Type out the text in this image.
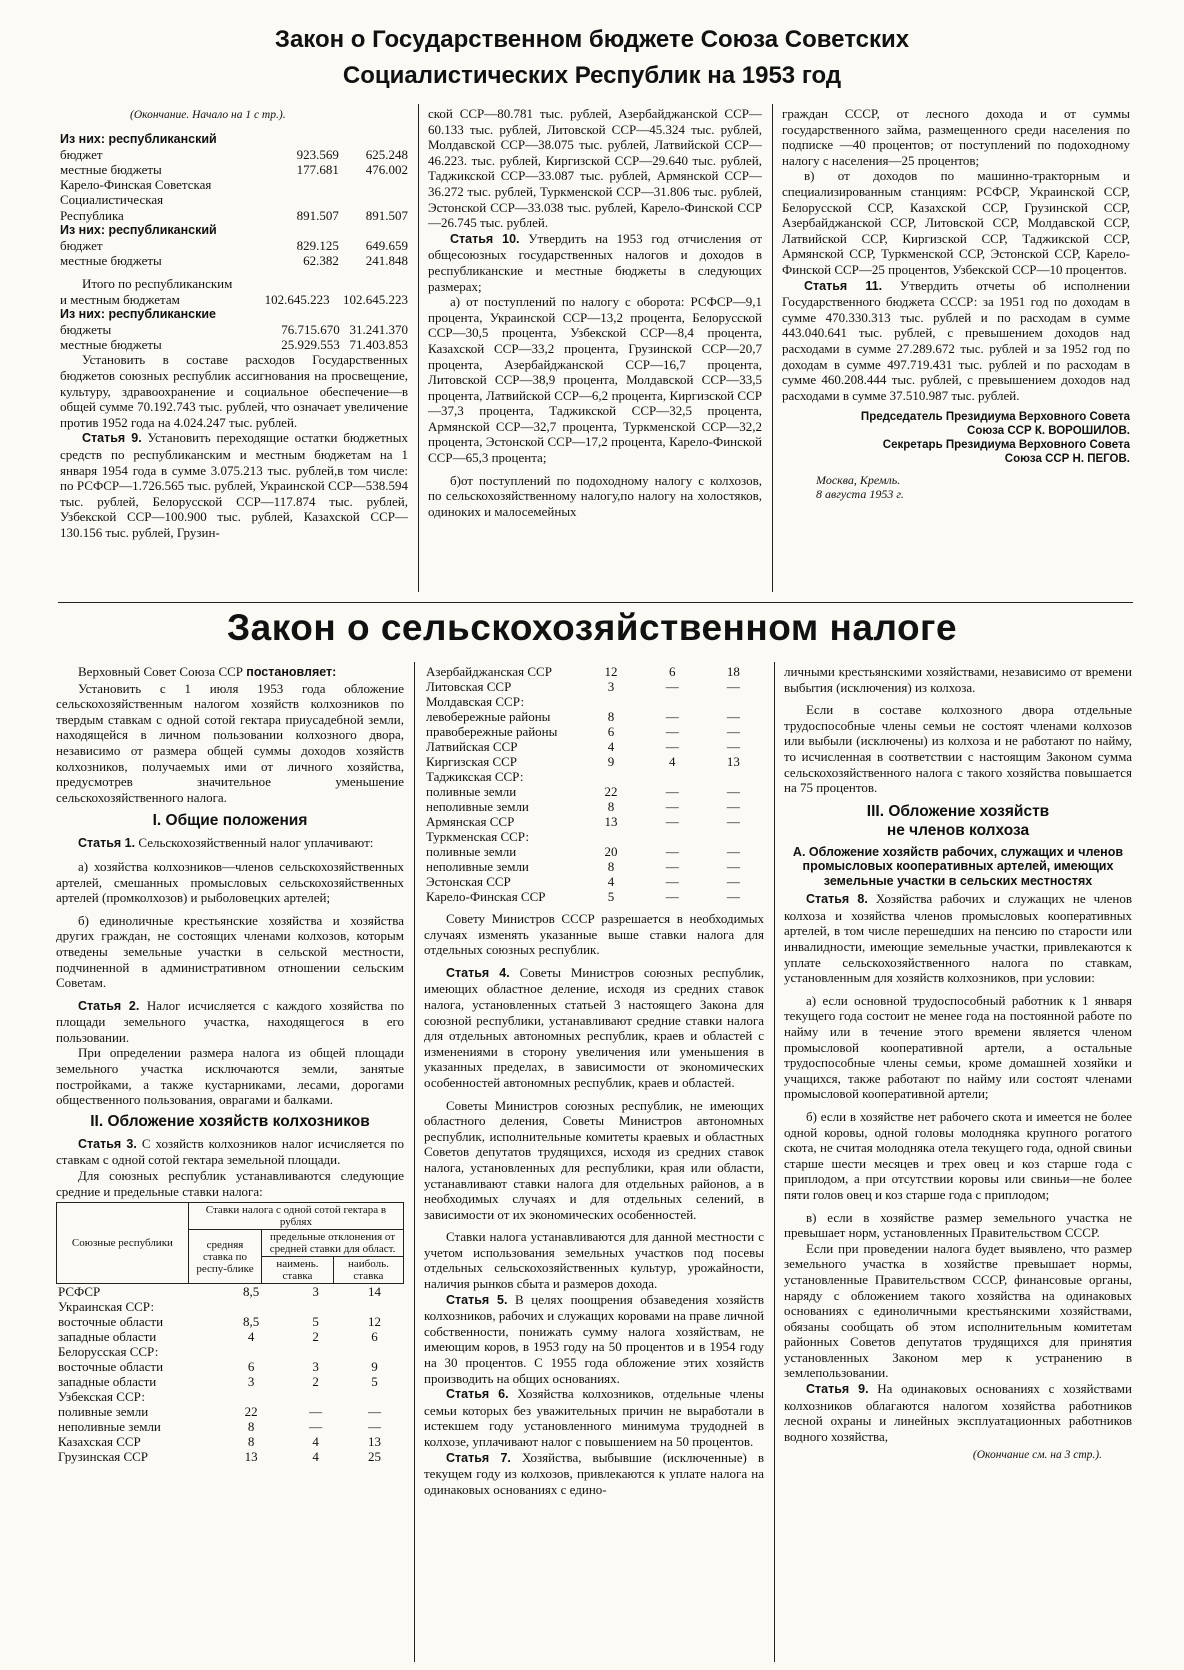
Закон о Государственном бюджете Союза Советских
Социалистических Республик на 1953 год
(Окончание. Начало на 1 с тр.).
Из них: республиканский		
бюджет	923.569	625.248
местные бюджеты	177.681	476.002
Карело-Финская Советская		
Социалистическая		
Республика	891.507	891.507
Из них: республиканский		
бюджет	829.125	649.659
местные бюджеты	62.382	241.848
Итого по республиканским		
и местным бюджетам	102.645.223	102.645.223
Из них: республиканские		
бюджеты	76.715.670	31.241.370
местные бюджеты	25.929.553	71.403.853

Установить в составе расходов Государственных бюджетов союзных республик ассигнования на просвещение, культуру, здравоохранение и социальное обеспечение—в общей сумме 70.192.743 тыс. рублей, что означает увеличение против 1952 года на 4.024.247 тыс. рублей.

Статья 9. Установить переходящие остатки бюджетных средств по республиканским и местным бюджетам на 1 января 1954 года в сумме 3.075.213 тыс. рублей,в том числе: по РСФСР—1.726.565 тыс. рублей, Украинской ССР—538.594 тыс. рублей, Белорусской ССР—117.874 тыс. рублей, Узбекской ССР—100.900 тыс. рублей, Казахской ССР—130.156 тыс. рублей, Грузин-

ской ССР—80.781 тыс. рублей, Азербайджанской ССР—60.133 тыс. рублей, Литовской ССР—45.324 тыс. рублей, Молдавской ССР—38.075 тыс. рублей, Латвийской ССР—46.223. тыс. рублей, Киргизской ССР—29.640 тыс. рублей, Таджикской ССР—33.087 тыс. рублей, Армянской ССР—36.272 тыс. рублей, Туркменской ССР—31.806 тыс. рублей, Эстонской ССР—33.038 тыс. рублей, Карело-Финской ССР—26.745 тыс. рублей.

Статья 10. Утвердить на 1953 год отчисления от общесоюзных государственных налогов и доходов в республиканские и местные бюджеты в следующих размерах;

а) от поступлений по налогу с оборота: РСФСР—9,1 процента, Украинской ССР—13,2 процента, Белорусской ССР—30,5 процента, Узбекской ССР—8,4 процента, Казахской ССР—33,2 процента, Грузинской ССР—20,7 процента, Азербайджанской ССР—16,7 процента, Литовской ССР—38,9 процента, Молдавской ССР—33,5 процента, Латвийской ССР—6,2 процента, Киргизской ССР—37,3 процента, Таджикской ССР—32,5 процента, Армянской ССР—32,7 процента, Туркменской ССР—32,2 процента, Эстонской ССР—17,2 процента, Карело-Финской ССР—65,3 процента;

б)от поступлений по подоходному налогу с колхозов, по сельскохозяйственному налогу,по налогу на холостяков, одиноких и малосемейных

граждан СССР, от лесного дохода и от суммы государственного займа, размещенного среди населения по подписке —40 процентов; от поступлений по подоходному налогу с населения—25 процентов;

в) от доходов по машинно-тракторным и специализированным станциям: РСФСР, Украинской ССР, Белорусской ССР, Казахской ССР, Грузинской ССР, Азербайджанской ССР, Литовской ССР, Молдавской ССР, Латвийской ССР, Киргизской ССР, Таджикской ССР, Армянской ССР, Туркменской ССР, Эстонской ССР, Карело-Финской ССР—25 процентов, Узбекской ССР—10 процентов.

Статья 11. Утвердить отчеты об исполнении Государственного бюджета СССР: за 1951 год по доходам в сумме 470.330.313 тыс. рублей и по расходам в сумме 443.040.641 тыс. рублей, с превышением доходов над расходами в сумме 27.289.672 тыс. рублей и за 1952 год по доходам в сумме 497.719.431 тыс. рублей и по расходам в сумме 460.208.444 тыс. рублей, с превышением доходов над расходами в сумме 37.510.987 тыс. рублей.

Председатель Президиума Верховного Совета
Союза ССР К. ВОРОШИЛОВ.
Секретарь Президиума Верховного Совета
Союза ССР Н. ПЕГОВ.
Москва, Кремль.
8 августа 1953 г.
Закон о сельскохозяйственном налоге

Верховный Совет Союза ССР постановляет:

Установить с 1 июля 1953 года обложение сельскохозяйственным налогом хозяйств колхозников по твердым ставкам с одной сотой гектара приусадебной земли, находящейся в личном пользовании колхозного двора, независимо от размера общей суммы доходов хозяйств колхозников, получаемых ими от личного хозяйства, предусмотрев значительное уменьшение сельскохозяйственного налога.

I. Общие положения

Статья 1. Сельскохозяйственный налог уплачивают:

а) хозяйства колхозников—членов сельскохозяйственных артелей, смешанных промысловых сельскохозяйственных артелей (промколхозов) и рыболовецких артелей;

б) единоличные крестьянские хозяйства и хозяйства других граждан, не состоящих членами колхозов, которым отведены земельные участки в сельской местности, подчиненной в административном отношении сельским Советам.

Статья 2. Налог исчисляется с каждого хозяйства по площади земельного участка, находящегося в его пользовании.

При определении размера налога из общей площади земельного участка исключаются земли, занятые постройками, а также кустарниками, лесами, дорогами общественного пользования, оврагами и балками.

II. Обложение хозяйств колхозников

Статья 3. С хозяйств колхозников налог исчисляется по ставкам с одной сотой гектара земельной площади.

Для союзных республик устанавливаются следующие средние и предельные ставки налога:

Союзные республики	Ставки налога с одной сотой гектара в рублях		
	средняя ставка по респу-блике	предельные отклонения от средней ставки для област.	
		наимень. ставка	наиболь. ставка
РСФСР	8,5	3	14
Украинская ССР:			
восточные области	8,5	5	12
западные области	4	2	6
Белорусская ССР:			
восточные области	6	3	9
западные области	3	2	5
Узбекская ССР:			
поливные земли	22	—	—
неполивные земли	8	—	—
Казахская ССР	8	4	13
Грузинская ССР	13	4	25
Азербайджанская ССР	12	6	18
Литовская ССР	3	—	—
Молдавская ССР:			
левобережные районы	8	—	—
правобережные районы	6	—	—
Латвийская ССР	4	—	—
Киргизская ССР	9	4	13
Таджикская ССР:			
поливные земли	22	—	—
неполивные земли	8	—	—
Армянская ССР	13	—	—
Туркменская ССР:			
поливные земли	20	—	—
неполивные земли	8	—	—
Эстонская ССР	4	—	—
Карело-Финская ССР	5	—	—

Совету Министров СССР разрешается в необходимых случаях изменять указанные выше ставки налога для отдельных союзных республик.

Статья 4. Советы Министров союзных республик, имеющих областное деление, исходя из средних ставок налога, установленных статьей 3 настоящего Закона для союзной республики, устанавливают средние ставки налога для отдельных автономных республик, краев и областей с изменениями в сторону увеличения или уменьшения в указанных пределах, в зависимости от экономических особенностей автономных республик, краев и областей.

Советы Министров союзных республик, не имеющих областного деления, Советы Министров автономных республик, исполнительные комитеты краевых и областных Советов депутатов трудящихся, исходя из средних ставок налога, установленных для республики, края или области, устанавливают ставки налога для отдельных районов, а в необходимых случаях и для отдельных селений, в зависимости от их экономических особенностей.

Ставки налога устанавливаются для данной местности с учетом использования земельных участков под посевы отдельных сельскохозяйственных культур, урожайности, наличия рынков сбыта и размеров дохода.

Статья 5. В целях поощрения обзаведения хозяйств колхозников, рабочих и служащих коровами на праве личной собственности, понижать сумму налога хозяйствам, не имеющим коров, в 1953 году на 50 процентов и в 1954 году на 30 процентов. С 1955 года обложение этих хозяйств производить на общих основаниях.

Статья 6. Хозяйства колхозников, отдельные члены семьи которых без уважительных причин не выработали в истекшем году установленного минимума трудодней в колхозе, уплачивают налог с повышением на 50 процентов.

Статья 7. Хозяйства, выбывшие (исключенные) в текущем году из колхозов, привлекаются к уплате налога на одинаковых основаниях с едино-

личными крестьянскими хозяйствами, независимо от времени выбытия (исключения) из колхоза.

Если в составе колхозного двора отдельные трудоспособные члены семьи не состоят членами колхозов или выбыли (исключены) из колхоза и не работают по найму, то исчисленная в соответствии с настоящим Законом сумма сельскохозяйственного налога с такого хозяйства повышается на 75 процентов.

III. Обложение хозяйств
не членов колхоза
А. Обложение хозяйств рабочих, служащих и членов промысловых кооперативных артелей, имеющих земельные участки в сельских местностях

Статья 8. Хозяйства рабочих и служащих не членов колхоза и хозяйства членов промысловых кооперативных артелей, в том числе перешедших на пенсию по старости или инвалидности, имеющие земельные участки, привлекаются к уплате сельскохозяйственного налога по ставкам, установленным для хозяйств колхозников, при условии:

а) если основной трудоспособный работник к 1 января текущего года состоит не менее года на постоянной работе по найму или в течение этого времени является членом промысловой кооперативной артели, а остальные трудоспособные члены семьи, кроме домашней хозяйки и учащихся, также работают по найму или состоят членами промысловой кооперативной артели;

б) если в хозяйстве нет рабочего скота и имеется не более одной коровы, одной головы молодняка крупного рогатого скота, не считая молодняка отела текущего года, одной свиньи старше шести месяцев и трех овец и коз старше года с приплодом, а при отсутствии коровы или свиньи—не более пяти голов овец и коз старше года с приплодом;

в) если в хозяйстве размер земельного участка не превышает норм, установленных Правительством СССР.

Если при проведении налога будет выявлено, что размер земельного участка в хозяйстве превышает нормы, установленные Правительством СССР, финансовые органы, наряду с обложением такого хозяйства на одинаковых основаниях с единоличными крестьянскими хозяйствами, обязаны сообщать об этом исполнительным комитетам районных Советов депутатов трудящихся для принятия установленных Законом мер к устранению в землепользовании.

Статья 9. На одинаковых основаниях с хозяйствами колхозников облагаются налогом хозяйства работников лесной охраны и линейных эксплуатационных работников водного хозяйства,

(Окончание см. на 3 стр.).
